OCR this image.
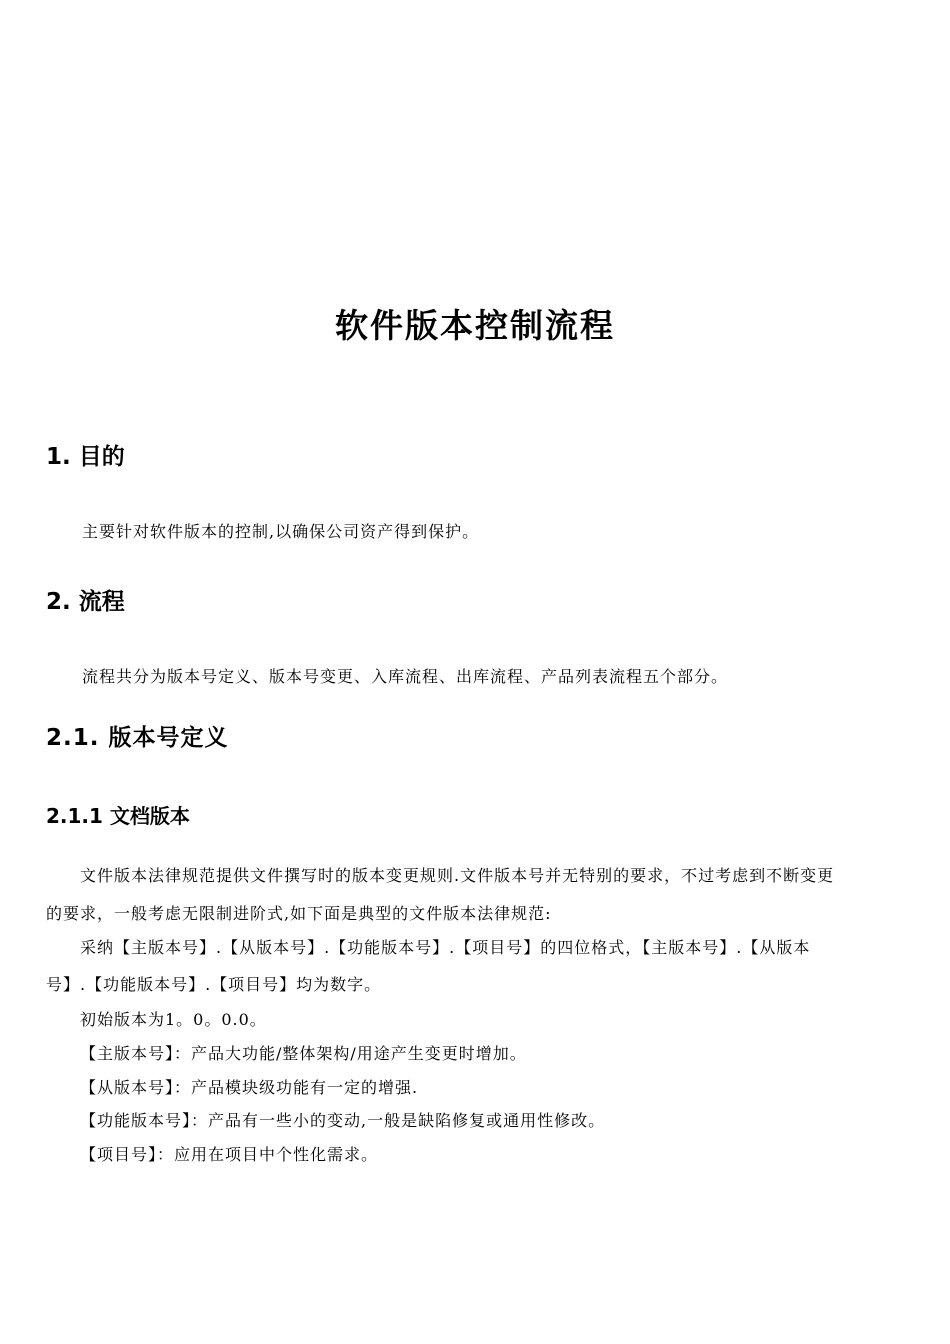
软件版本控制流程
1. 目的
主要针对软件版本的控制,以确保公司资产得到保护。
2. 流程
流程共分为版本号定义、版本号变更、入库流程、出库流程、产品列表流程五个部分。
2.1. 版本号定义
2.1.1 文档版本
文件版本法律规范提供文件撰写时的版本变更规则.文件版本号并无特别的要求，不过考虑到不断变更
的要求，一般考虑无限制进阶式,如下面是典型的文件版本法律规范:
采纳【主版本号】.【从版本号】.【功能版本号】.【项目号】的四位格式，【主版本号】.【从版本
号】.【功能版本号】.【项目号】均为数字。
初始版本为1。0。0.0。
【主版本号】：产品大功能/整体架构/用途产生变更时增加。
【从版本号】：产品模块级功能有一定的增强.
【功能版本号】：产品有一些小的变动,一般是缺陷修复或通用性修改。
【项目号】：应用在项目中个性化需求。
